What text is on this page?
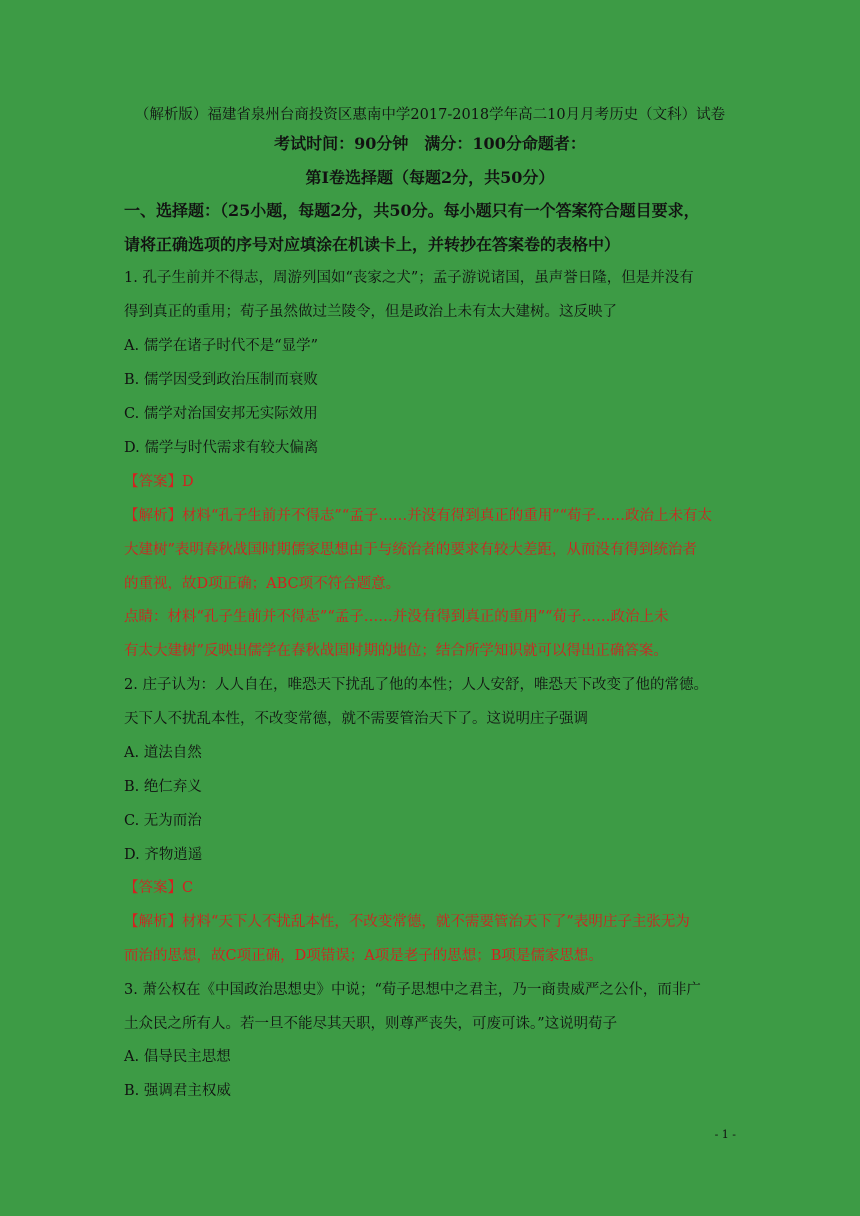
（解析版）福建省泉州台商投资区惠南中学2017-2018学年高二10月月考历史（文科）试卷
考试时间：90分钟　满分：100分命题者：
第Ⅰ卷选择题（每题2分，共50分）
一、选择题：（25小题，每题2分，共50分。每小题只有一个答案符合题目要求，
请将正确选项的序号对应填涂在机读卡上，并转抄在答案卷的表格中）
1. 孔子生前并不得志，周游列国如“丧家之犬”；孟子游说诸国，虽声誉日隆，但是并没有
得到真正的重用；荀子虽然做过兰陵令，但是政治上未有太大建树。这反映了
A. 儒学在诸子时代不是“显学”
B. 儒学因受到政治压制而衰败
C. 儒学对治国安邦无实际效用
D. 儒学与时代需求有较大偏离
【答案】D
【解析】材料“孔子生前并不得志”“孟子……并没有得到真正的重用”“荀子……政治上未有太
大建树”表明春秋战国时期儒家思想由于与统治者的要求有较大差距，从而没有得到统治者
的重视，故D项正确；ABC项不符合题意。
点睛：材料“孔子生前并不得志”“孟子……并没有得到真正的重用”“荀子……政治上未
有太大建树”反映出儒学在春秋战国时期的地位；结合所学知识就可以得出正确答案。
2. 庄子认为：人人自在，唯恐天下扰乱了他的本性；人人安舒，唯恐天下改变了他的常德。
天下人不扰乱本性，不改变常德，就不需要管治天下了。这说明庄子强调
A. 道法自然
B. 绝仁弃义
C. 无为而治
D. 齐物逍遥
【答案】C
【解析】材料“天下人不扰乱本性，不改变常德，就不需要管治天下了”表明庄子主张无为
而治的思想，故C项正确，D项错误；A项是老子的思想；B项是儒家思想。
3. 萧公权在《中国政治思想史》中说；“荀子思想中之君主，乃一商贵威严之公仆，而非广
土众民之所有人。若一旦不能尽其天职，则尊严丧失，可废可诛。”这说明荀子
A. 倡导民主思想
B. 强调君主权威
- 1 -
